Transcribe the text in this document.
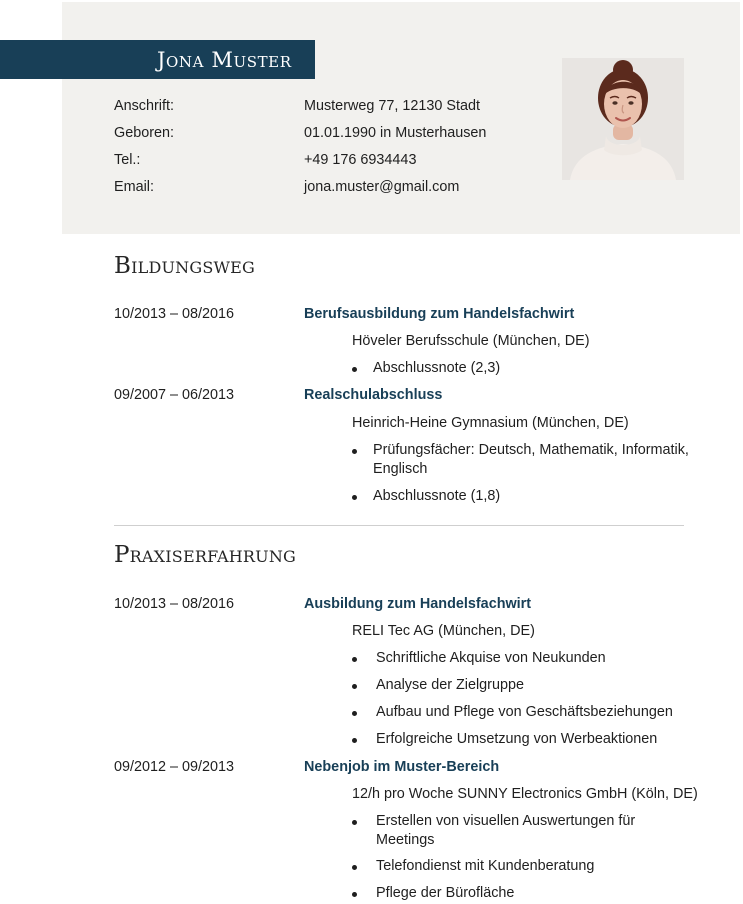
Jona Muster
Anschrift:	Musterweg 77, 12130 Stadt
Geboren:	01.01.1990 in Musterhausen
Tel.:	+49 176 6934443
Email:	jona.muster@gmail.com
Bildungsweg
10/2013 – 08/2016	Berufsausbildung zum Handelsfachwirt
Höveler Berufsschule (München, DE)
Abschlussnote (2,3)
09/2007 – 06/2013	Realschulabschluss
Heinrich-Heine Gymnasium (München, DE)
Prüfungsfächer: Deutsch, Mathematik, Informatik, Englisch
Abschlussnote (1,8)
Praxiserfahrung
10/2013 – 08/2016	Ausbildung zum Handelsfachwirt
RELI Tec AG (München, DE)
Schriftliche Akquise von Neukunden
Analyse der Zielgruppe
Aufbau und Pflege von Geschäftsbeziehungen
Erfolgreiche Umsetzung von Werbeaktionen
09/2012 – 09/2013	Nebenjob im Muster-Bereich
12/h pro Woche SUNNY Electronics GmbH (Köln, DE)
Erstellen von visuellen Auswertungen für Meetings
Telefondienst mit Kundenberatung
Pflege der Bürofläche
